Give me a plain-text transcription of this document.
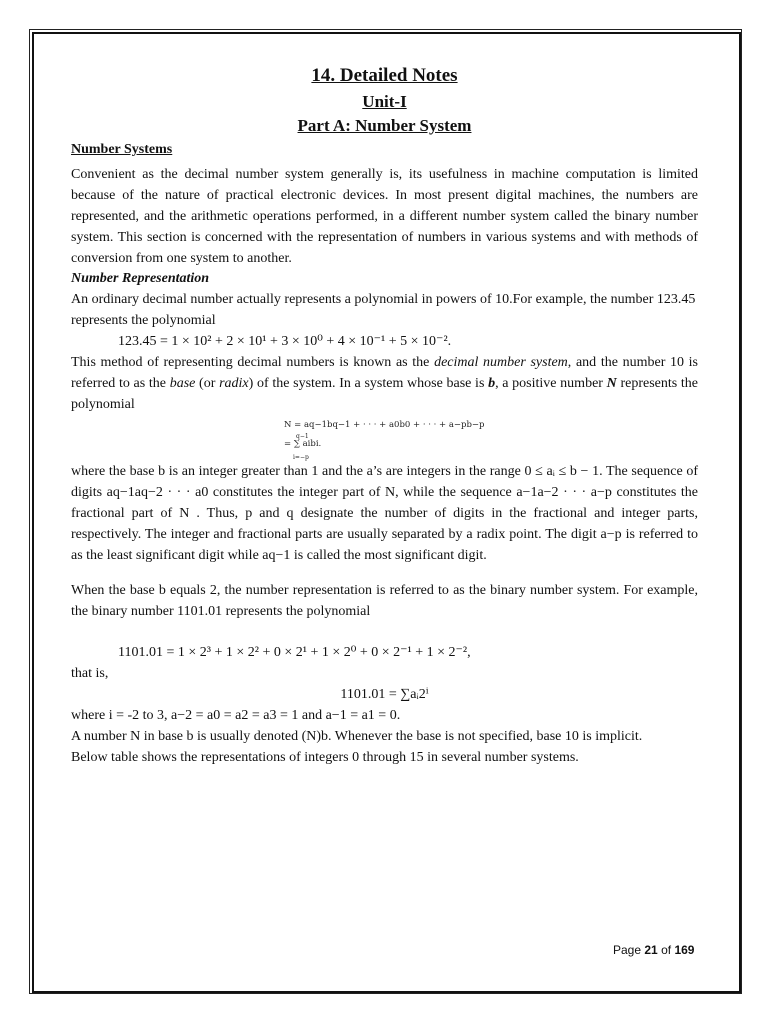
14. Detailed Notes
Unit-I
Part A: Number System
Number Systems

Convenient as the decimal number system generally is, its usefulness in machine computation is limited because of the nature of practical electronic devices. In most present digital machines, the numbers are represented, and the arithmetic operations performed, in a different number system called the binary number system. This section is concerned with the representation of numbers in various systems and with methods of conversion from one system to another.

Number Representation

An ordinary decimal number actually represents a polynomial in powers of 10.For example, the number 123.45 represents the polynomial

123.45 = 1 × 10² + 2 × 10¹ + 3 × 10⁰ + 4 × 10⁻¹ + 5 × 10⁻².

This method of representing decimal numbers is known as the decimal number system, and the number 10 is referred to as the base (or radix) of the system. In a system whose base is b, a positive number N represents the polynomial

N = aq−1bq−1 + · · · + a0b0 + · · · + a−pb−p
q−1
= ∑ aibi.
i=−p

where the base b is an integer greater than 1 and the a’s are integers in the range 0 ≤ aᵢ ≤ b − 1. The sequence of digits aq−1aq−2 · · · a0 constitutes the integer part of N, while the sequence a−1a−2 · · · a−p constitutes the fractional part of N . Thus, p and q designate the number of digits in the fractional and integer parts, respectively. The integer and fractional parts are usually separated by a radix point. The digit a−p is referred to as the least significant digit while aq−1 is called the most significant digit.

When the base b equals 2, the number representation is referred to as the binary number system. For example, the binary number 1101.01 represents the polynomial

1101.01 = 1 × 2³ + 1 × 2² + 0 × 2¹ + 1 × 2⁰ + 0 × 2⁻¹ + 1 × 2⁻²,

that is,

1101.01 = ∑aᵢ2ⁱ

where i = -2 to 3, a−2 = a0 = a2 = a3 = 1 and a−1 = a1 = 0.

A number N in base b is usually denoted (N)b. Whenever the base is not specified, base 10 is implicit.

Below table shows the representations of integers 0 through 15 in several number systems.

Page 21 of 169
